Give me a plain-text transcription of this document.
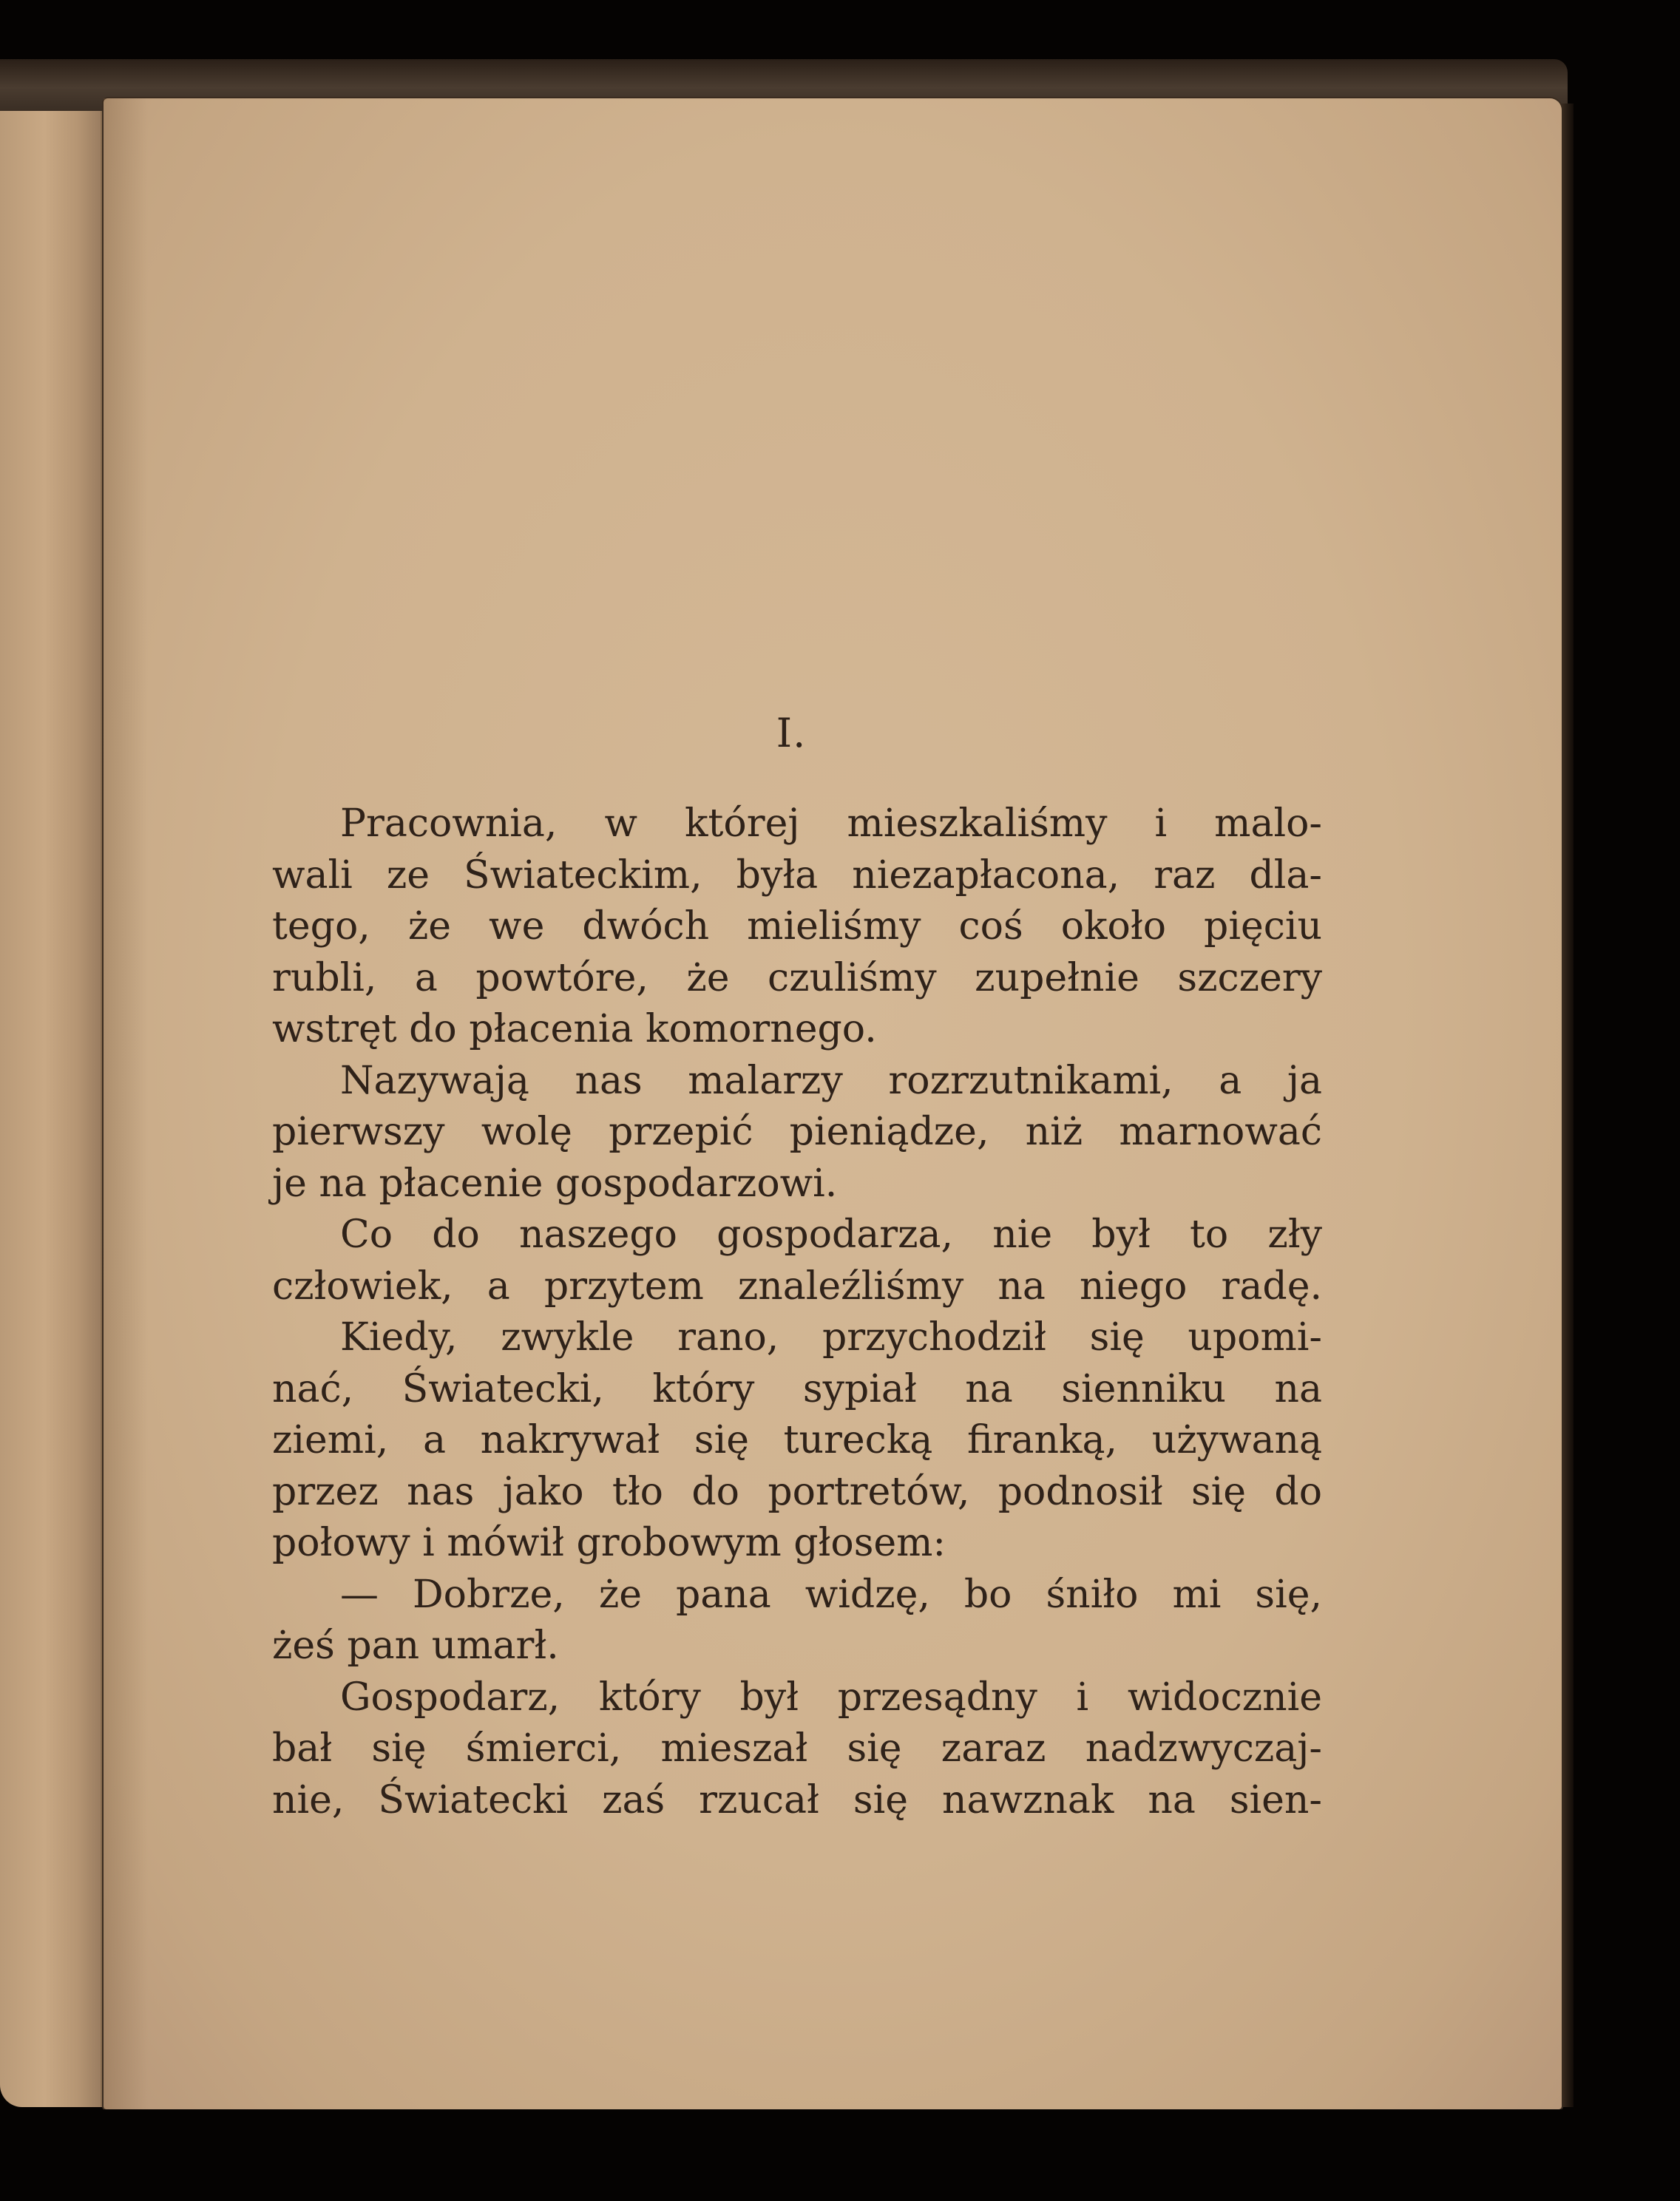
I.
Pracownia, w której mieszkaliśmy i malo-
wali ze Światеckim, była niezapłacona, raz dla-
tego, że we dwóch mieliśmy coś około pięciu
rubli, a powtóre, że czuliśmy zupełnie szczery
wstręt do płacenia komornego.
Nazywają nas malarzy rozrzutnikami, a ja
pierwszy wolę przepić pieniądze, niż marnować
je na płacenie gospodarzowi.
Co do naszego gospodarza, nie był to zły
człowiek, a przytem znaleźliśmy na niego radę.
Kiedy, zwykle rano, przychodził się upomi-
nać, Światecki, który sypiał na sienniku na
ziemi, a nakrywał się turecką firanką, używaną
przez nas jako tło do portretów, podnosił się do
połowy i mówił grobowym głosem:
— Dobrze, że pana widzę, bo śniło mi się,
żeś pan umarł.
Gospodarz, który był przesądny i widocznie
bał się śmierci, mieszał się zaraz nadzwyczaj-
nie, Światecki zaś rzucał się nawznak na sien-
